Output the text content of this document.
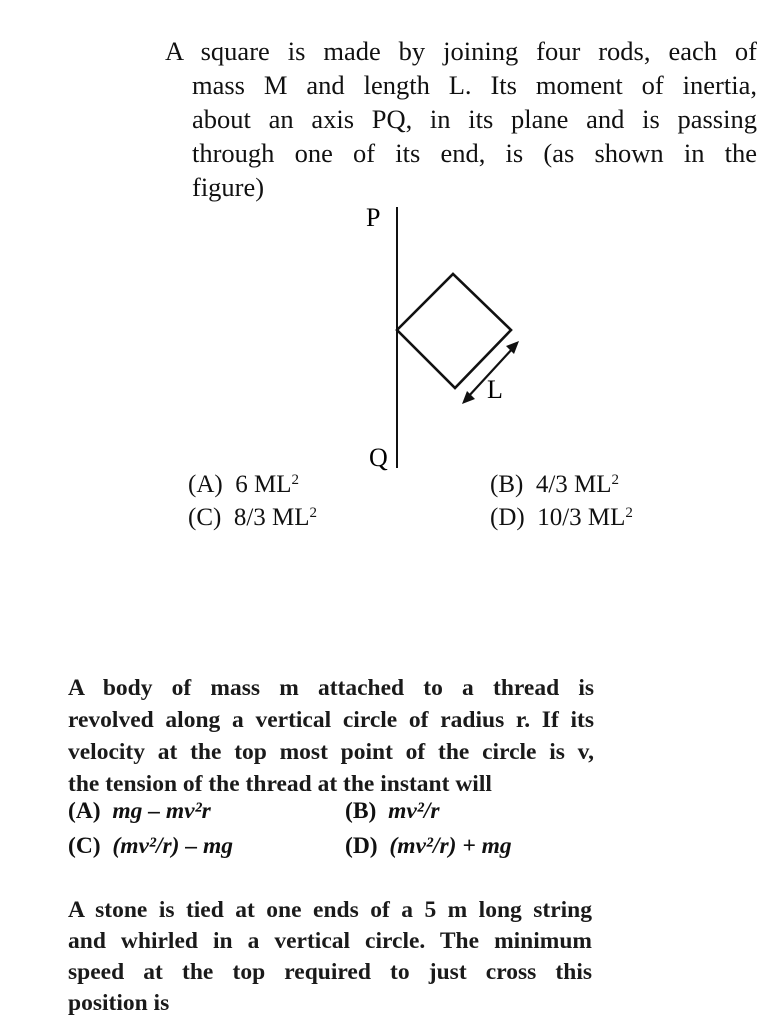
A square is made by joining four rods, each of
mass M and length L. Its moment of inertia,
about an axis PQ, in its plane and is passing
through one of its end, is (as shown in the
figure)
P
Q
L
(A) 6 $ML^2$	(B) 4/3 $ML^2$
(C) 8/3 $ML^2$	(D) 10/3 $ML^2$
A body of mass m attached to a thread is
revolved along a vertical circle of radius r. If its
velocity at the top most point of the circle is v,
the tension of the thread at the instant will
(A) mg – mv²r	(B) mv²/r
(C) (mv²/r) – mg	(D) (mv²/r) + mg
A stone is tied at one ends of a 5 m long string
and whirled in a vertical circle. The minimum
speed at the top required to just cross this
position is
